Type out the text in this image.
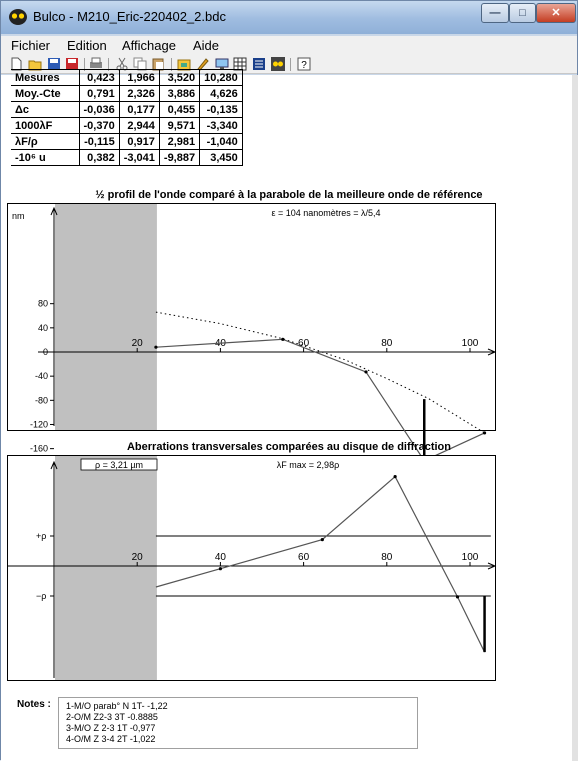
Bulco - M210_Eric-220402_2.bdc	—	□	✕
Fichier Edition Affichage Aide
?
Mesures	0,423	1,966	3,520	10,280
Moy.-Cte	0,791	2,326	3,886	4,626
Δc	-0,036	0,177	0,455	-0,135
1000λF	-0,370	2,944	9,571	-3,340
λF/ρ	-0,115	0,917	2,981	-1,040
-10⁶ u	0,382	-3,041	-9,887	3,450
½ profil de l'onde comparé à la parabole de la meilleure onde de référence
nm
80
40
0
-40
-80
-120
-160
20	40	60	80	100
ε = 104 nanomètres = λ/5,4
Aberrations transversales comparées au disque de diffraction
+ρ
−ρ
20	40	60	80	100
ρ = 3,21 µm	λF max = 2,98ρ
Notes : 1-M/O parab° N 1T- -1,22
2-O/M Z2-3 3T -0.8885
3-M/O Z 2-3 1T -0,977
4-O/M Z 3-4 2T -1,022
